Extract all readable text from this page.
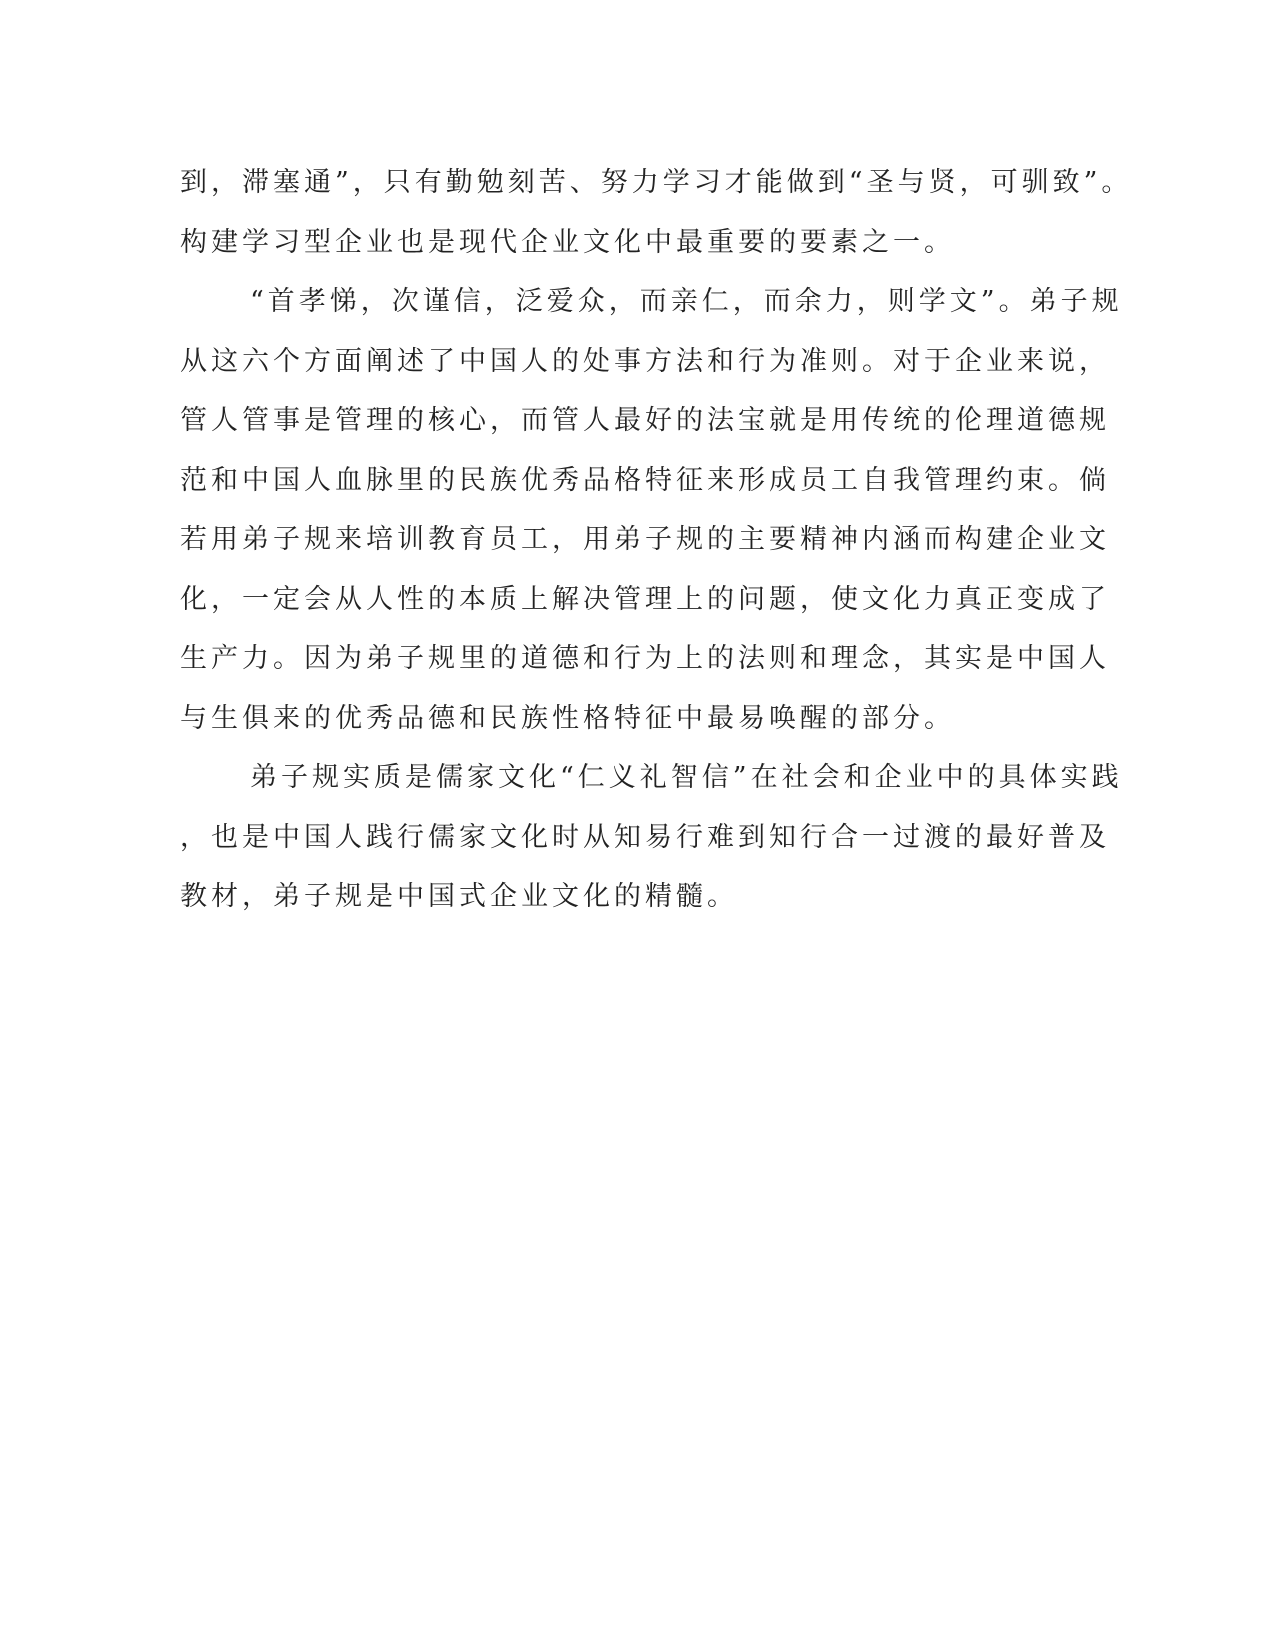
到，滞塞通”，只有勤勉刻苦、努力学习才能做到“圣与贤，可驯致”。
构建学习型企业也是现代企业文化中最重要的要素之一。
“首孝悌，次谨信，泛爱众，而亲仁，而余力，则学文”。弟子规
从这六个方面阐述了中国人的处事方法和行为准则。对于企业来说，
管人管事是管理的核心，而管人最好的法宝就是用传统的伦理道德规
范和中国人血脉里的民族优秀品格特征来形成员工自我管理约束。倘
若用弟子规来培训教育员工，用弟子规的主要精神内涵而构建企业文
化，一定会从人性的本质上解决管理上的问题，使文化力真正变成了
生产力。因为弟子规里的道德和行为上的法则和理念，其实是中国人
与生俱来的优秀品德和民族性格特征中最易唤醒的部分。
弟子规实质是儒家文化“仁义礼智信”在社会和企业中的具体实践
，也是中国人践行儒家文化时从知易行难到知行合一过渡的最好普及
教材，弟子规是中国式企业文化的精髓。
